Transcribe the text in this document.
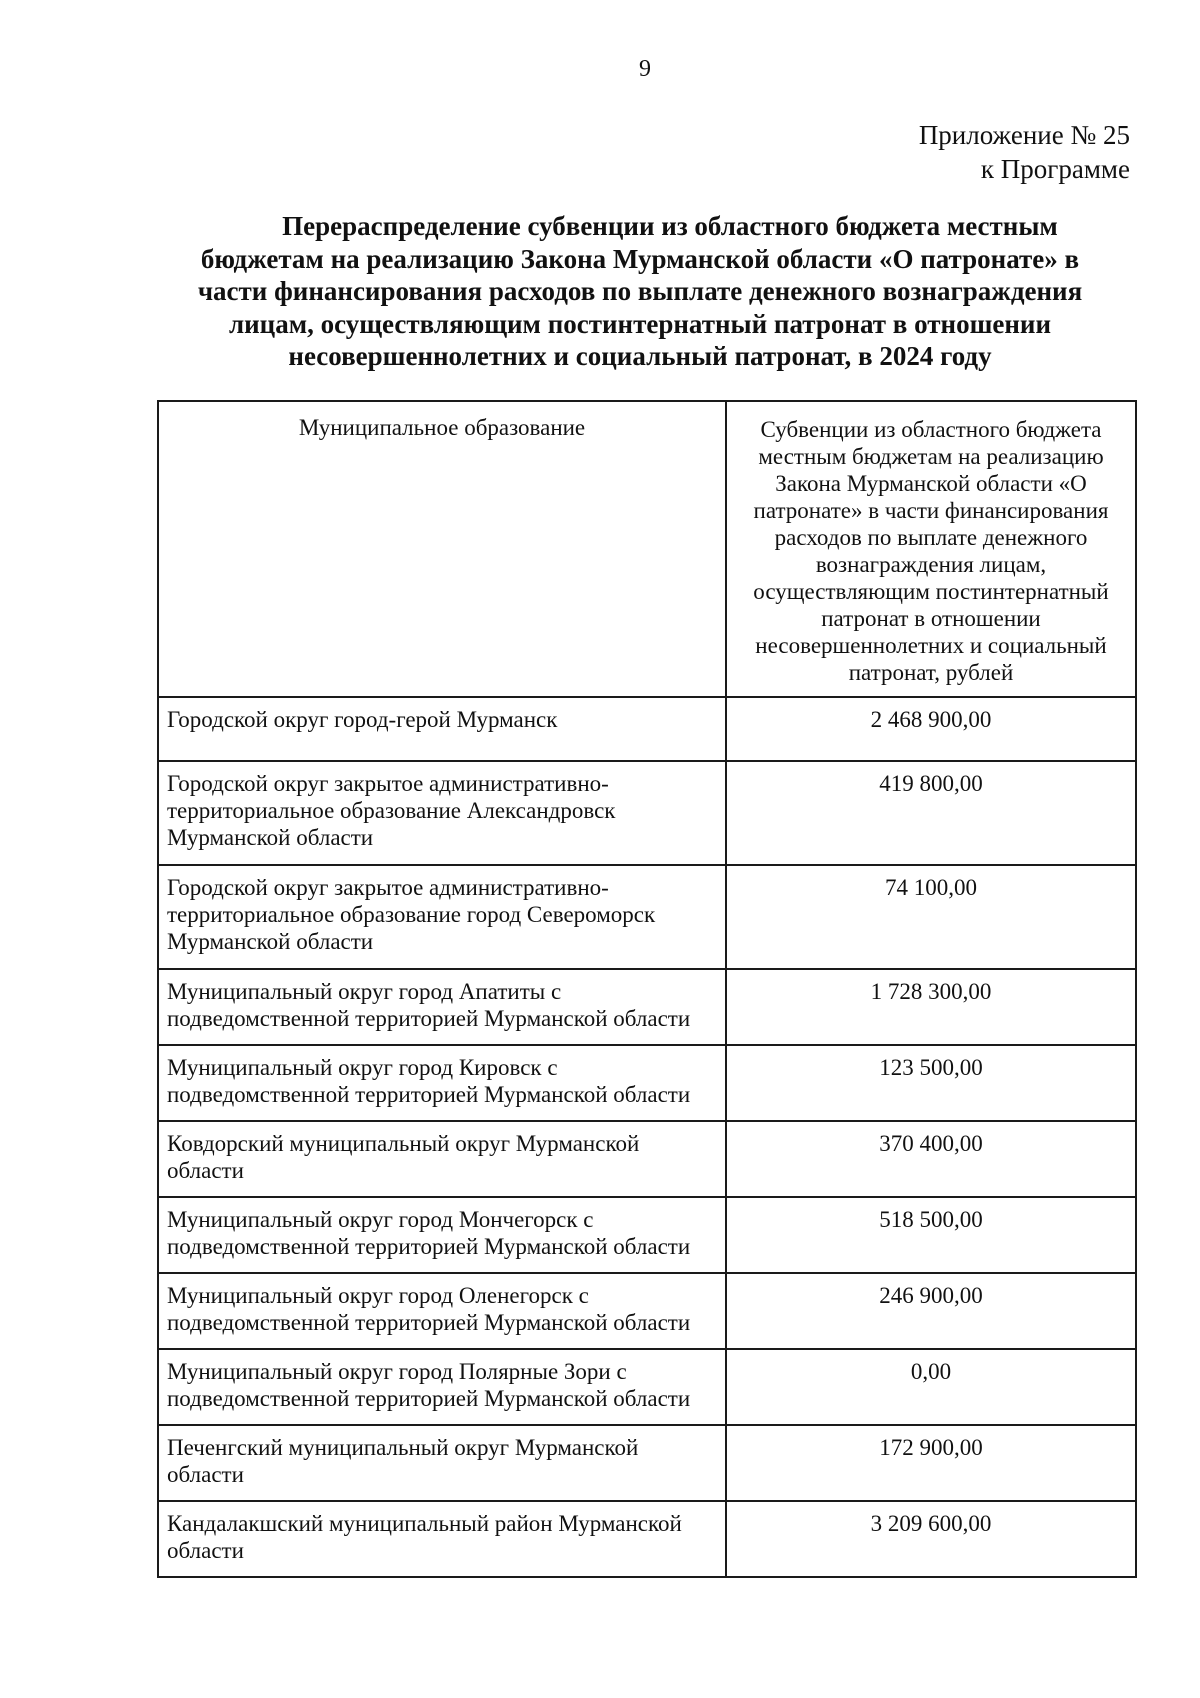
9
Приложение № 25
к Программе
Перераспределение субвенции из областного бюджета местным
бюджетам на реализацию Закона Мурманской области «О патронате» в
части финансирования расходов по выплате денежного вознаграждения
лицам, осуществляющим постинтернатный патронат в отношении
несовершеннолетних и социальный патронат, в 2024 году
Муниципальное образование	Субвенции из областного бюджета местным бюджетам на реализацию Закона Мурманской области «О патронате» в части финансирования расходов по выплате денежного вознаграждения лицам, осуществляющим постинтернатный патронат в отношении несовершеннолетних и социальный патронат, рублей
Городской округ город-герой Мурманск	2 468 900,00
Городской округ закрытое административно-территориальное образование Александровск Мурманской области	419 800,00
Городской округ закрытое административно-территориальное образование город Североморск Мурманской области	74 100,00
Муниципальный округ город Апатиты с подведомственной территорией Мурманской области	1 728 300,00
Муниципальный округ город Кировск с подведомственной территорией Мурманской области	123 500,00
Ковдорский муниципальный округ Мурманской области	370 400,00
Муниципальный округ город Мончегорск с подведомственной территорией Мурманской области	518 500,00
Муниципальный округ город Оленегорск с подведомственной территорией Мурманской области	246 900,00
Муниципальный округ город Полярные Зори с подведомственной территорией Мурманской области	0,00
Печенгский муниципальный округ Мурманской области	172 900,00
Кандалакшский муниципальный район Мурманской области	3 209 600,00
